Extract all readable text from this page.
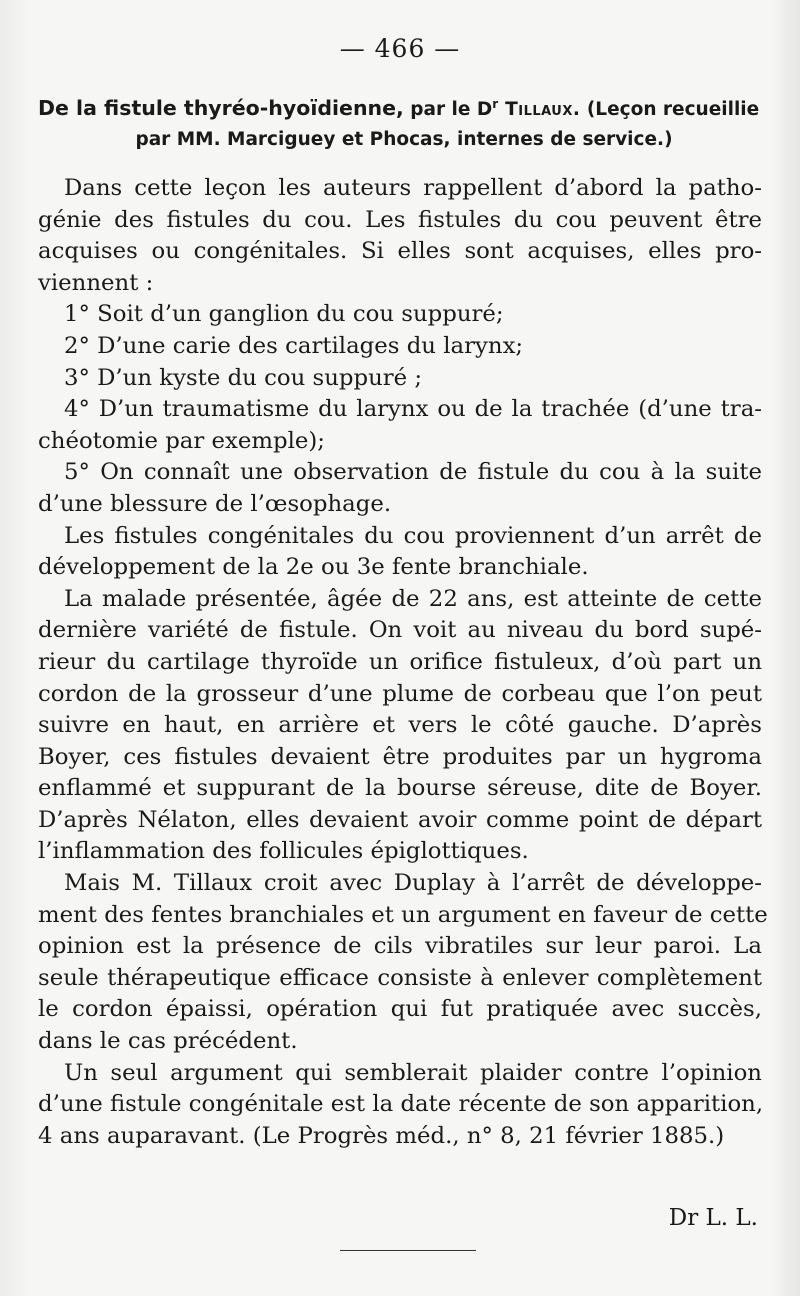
— 466 —
De la fistule thyréo-hyoïdienne, par le $D^r$ Tillaux. (Leçon recueillie
par MM. Marciguey et Phocas, internes de service.)
Dans cette leçon les auteurs rappellent d’abord la patho-
génie des fistules du cou. Les fistules du cou peuvent être
acquises ou congénitales. Si elles sont acquises, elles pro-
viennent :
1° Soit d’un ganglion du cou suppuré;
2° D’une carie des cartilages du larynx;
3° D’un kyste du cou suppuré ;
4° D’un traumatisme du larynx ou de la trachée (d’une tra-
chéotomie par exemple);
5° On connaît une observation de fistule du cou à la suite
d’une blessure de l’œsophage.
Les fistules congénitales du cou proviennent d’un arrêt de
développement de la 2e ou 3e fente branchiale.
La malade présentée, âgée de 22 ans, est atteinte de cette
dernière variété de fistule. On voit au niveau du bord supé-
rieur du cartilage thyroïde un orifice fistuleux, d’où part un
cordon de la grosseur d’une plume de corbeau que l’on peut
suivre en haut, en arrière et vers le côté gauche. D’après
Boyer, ces fistules devaient être produites par un hygroma
enflammé et suppurant de la bourse séreuse, dite de Boyer.
D’après Nélaton, elles devaient avoir comme point de départ
l’inflammation des follicules épiglottiques.
Mais M. Tillaux croit avec Duplay à l’arrêt de développe-
ment des fentes branchiales et un argument en faveur de cette
opinion est la présence de cils vibratiles sur leur paroi. La
seule thérapeutique efficace consiste à enlever complètement
le cordon épaissi, opération qui fut pratiquée avec succès,
dans le cas précédent.
Un seul argument qui semblerait plaider contre l’opinion
d’une fistule congénitale est la date récente de son apparition,
4 ans auparavant. (Le Progrès méd., n° 8, 21 février 1885.)
Dr L. L.
